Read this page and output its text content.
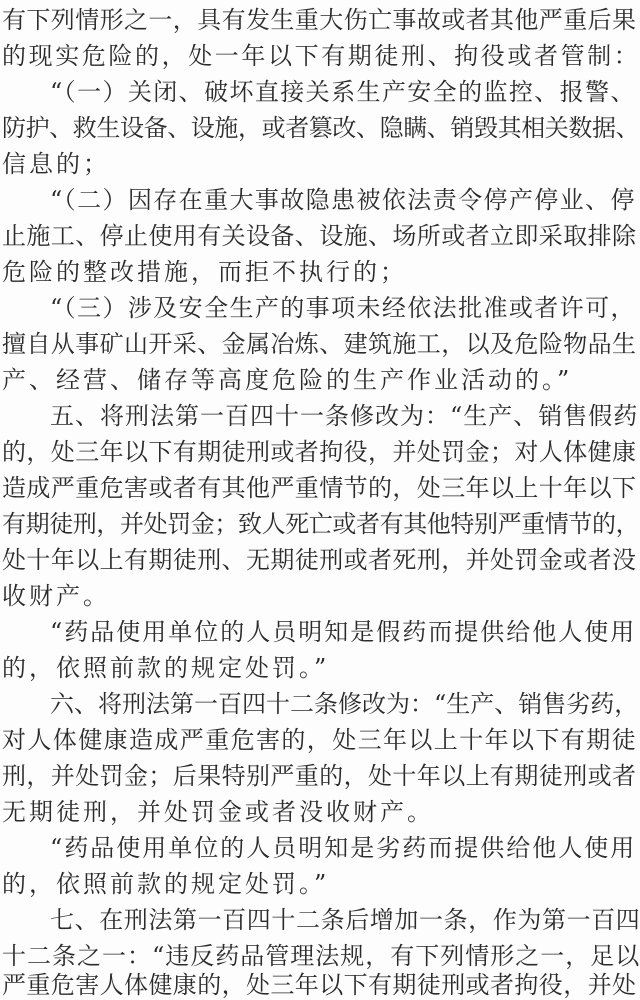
有下列情形之一，具有发生重大伤亡事故或者其他严重后果
的现实危险的，处一年以下有期徒刑、拘役或者管制：
“（一）关闭、破坏直接关系生产安全的监控、报警、
防护、救生设备、设施，或者篡改、隐瞒、销毁其相关数据、
信息的；
“（二）因存在重大事故隐患被依法责令停产停业、停
止施工、停止使用有关设备、设施、场所或者立即采取排除
危险的整改措施，而拒不执行的；
“（三）涉及安全生产的事项未经依法批准或者许可，
擅自从事矿山开采、金属冶炼、建筑施工，以及危险物品生
产、经营、储存等高度危险的生产作业活动的。”
五、将刑法第一百四十一条修改为：“生产、销售假药
的，处三年以下有期徒刑或者拘役，并处罚金；对人体健康
造成严重危害或者有其他严重情节的，处三年以上十年以下
有期徒刑，并处罚金；致人死亡或者有其他特别严重情节的，
处十年以上有期徒刑、无期徒刑或者死刑，并处罚金或者没
收财产。
“药品使用单位的人员明知是假药而提供给他人使用
的，依照前款的规定处罚。”
六、将刑法第一百四十二条修改为：“生产、销售劣药，
对人体健康造成严重危害的，处三年以上十年以下有期徒
刑，并处罚金；后果特别严重的，处十年以上有期徒刑或者
无期徒刑，并处罚金或者没收财产。
“药品使用单位的人员明知是劣药而提供给他人使用
的，依照前款的规定处罚。”
七、在刑法第一百四十二条后增加一条，作为第一百四
十二条之一：“违反药品管理法规，有下列情形之一，足以
严重危害人体健康的，处三年以下有期徒刑或者拘役，并处
